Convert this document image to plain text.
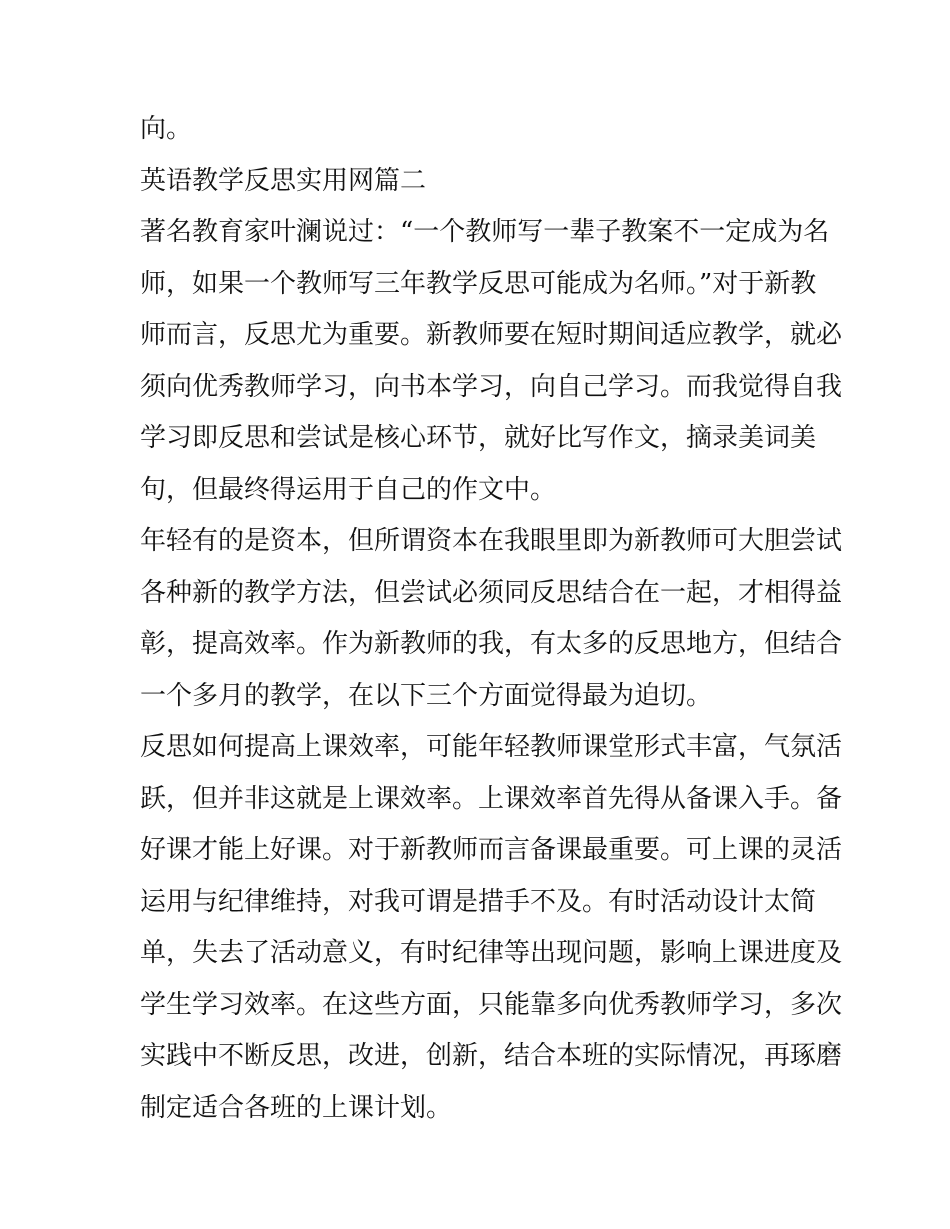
向。
英语教学反思实用网篇二
著名教育家叶澜说过：“一个教师写一辈子教案不一定成为名
师，如果一个教师写三年教学反思可能成为名师。”对于新教
师而言，反思尤为重要。新教师要在短时期间适应教学，就必
须向优秀教师学习，向书本学习，向自己学习。而我觉得自我
学习即反思和尝试是核心环节，就好比写作文，摘录美词美
句，但最终得运用于自己的作文中。
年轻有的是资本，但所谓资本在我眼里即为新教师可大胆尝试
各种新的教学方法，但尝试必须同反思结合在一起，才相得益
彰，提高效率。作为新教师的我，有太多的反思地方，但结合
一个多月的教学，在以下三个方面觉得最为迫切。
反思如何提高上课效率，可能年轻教师课堂形式丰富，气氛活
跃，但并非这就是上课效率。上课效率首先得从备课入手。备
好课才能上好课。对于新教师而言备课最重要。可上课的灵活
运用与纪律维持，对我可谓是措手不及。有时活动设计太简
单，失去了活动意义，有时纪律等出现问题，影响上课进度及
学生学习效率。在这些方面，只能靠多向优秀教师学习，多次
实践中不断反思，改进，创新，结合本班的实际情况，再琢磨
制定适合各班的上课计划。
